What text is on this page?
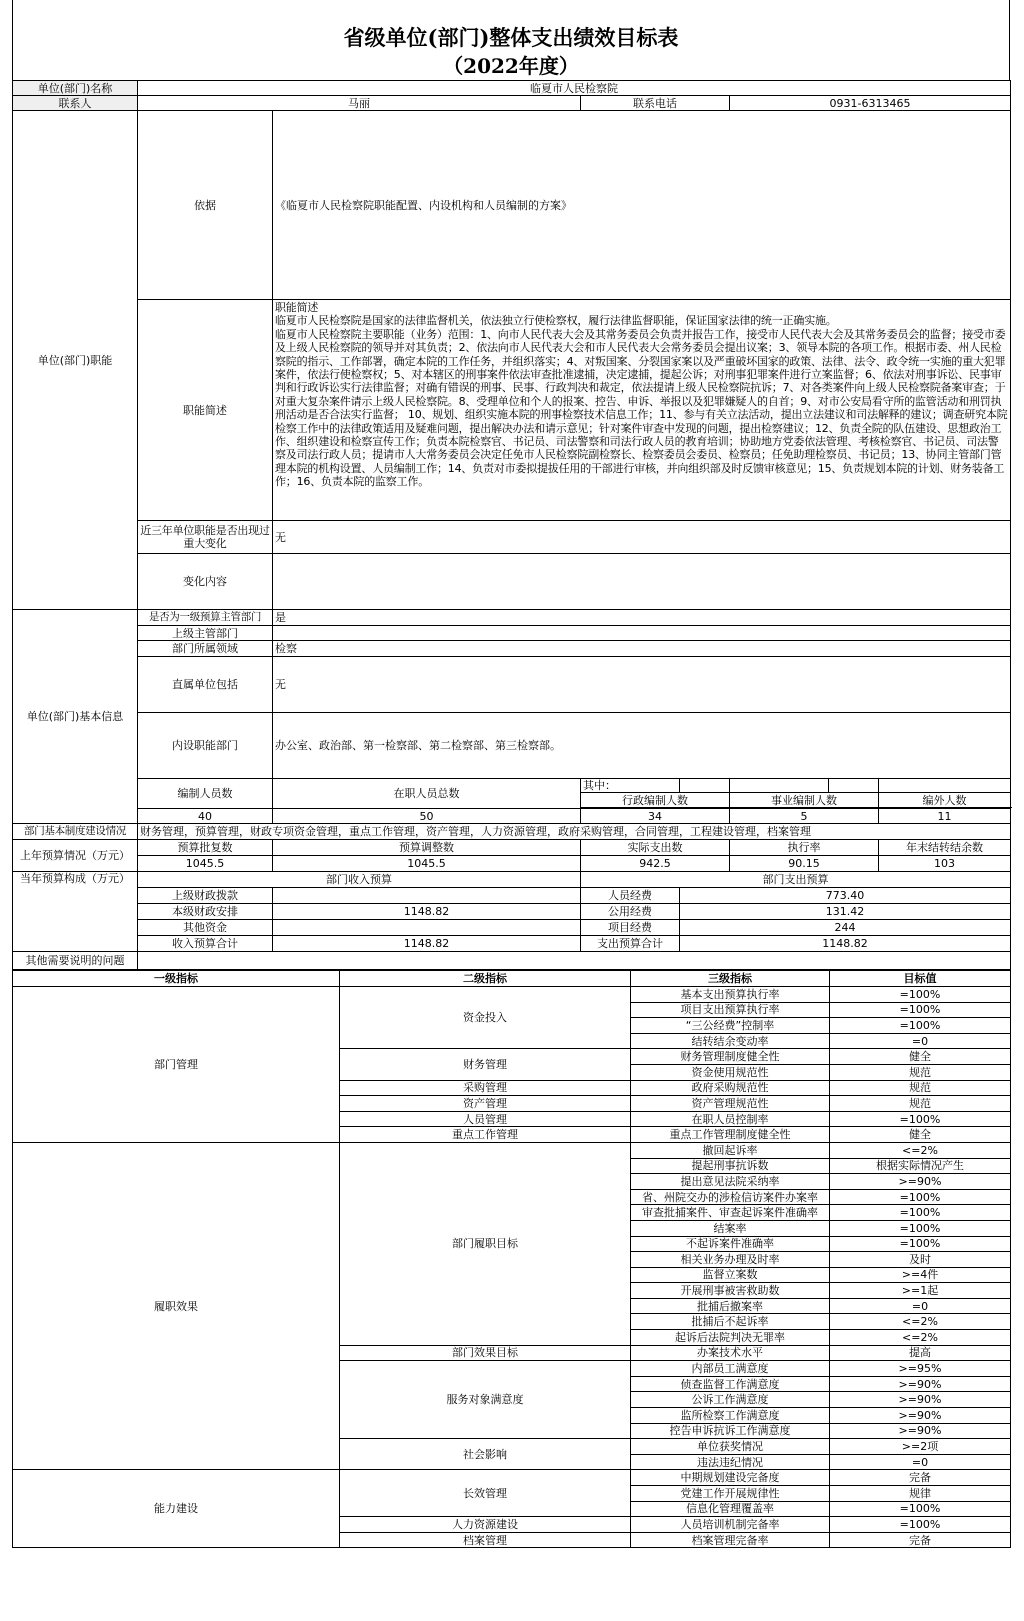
省级单位(部门)整体支出绩效目标表
（2022年度）
单位(部门)名称	临夏市人民检察院						
联系人	马丽		联系电话		0931-6313465		
单位(部门)职能	依据	《临夏市人民检察院职能配置、内设机构和人员编制的方案》					
	职能简述	职能简述
临夏市人民检察院是国家的法律监督机关，依法独立行使检察权，履行法律监督职能，保证国家法律的统一正确实施。
临夏市人民检察院主要职能（业务）范围：1、向市人民代表大会及其常务委员会负责并报告工作，接受市人民代表大会及其常务委员会的监督；接受市委及上级人民检察院的领导并对其负责；2、依法向市人民代表大会和市人民代表大会常务委员会提出议案；3、领导本院的各项工作。根据市委、州人民检察院的指示、工作部署，确定本院的工作任务，并组织落实；4、对叛国案、分裂国家案以及严重破坏国家的政策、法律、法令、政令统一实施的重大犯罪案件，依法行使检察权；5、对本辖区的刑事案件依法审查批准逮捕，决定逮捕，提起公诉；对刑事犯罪案件进行立案监督；6、依法对刑事诉讼、民事审判和行政诉讼实行法律监督；对确有错误的刑事、民事、行政判决和裁定，依法提请上级人民检察院抗诉；7、对各类案件向上级人民检察院备案审查；于对重大复杂案件请示上级人民检察院。8、受理单位和个人的报案、控告、申诉、举报以及犯罪嫌疑人的自首；9、对市公安局看守所的监管活动和刑罚执刑活动是否合法实行监督； 10、规划、组织实施本院的刑事检察技术信息工作；11、参与有关立法活动，提出立法建议和司法解释的建议；调查研究本院检察工作中的法律政策适用及疑难问题，提出解决办法和请示意见；针对案件审查中发现的问题，提出检察建议；12、负责全院的队伍建设、思想政治工作、组织建设和检察宣传工作；负责本院检察官、书记员、司法警察和司法行政人员的教育培训；协助地方党委依法管理、考核检察官、书记员、司法警察及司法行政人员；提请市人大常务委员会决定任免市人民检察院副检察长、检察委员会委员、检察员；任免助理检察员、书记员；13、协同主管部门管理本院的机构设置、人员编制工作；14、负责对市委拟提拔任用的干部进行审核，并向组织部及时反馈审核意见；15、负责规划本院的计划、财务装备工作；16、负责本院的监察工作。					
	近三年单位职能是否出现过重大变化	无					
	变化内容						
单位(部门)基本信息	是否为一级预算主管部门	是					
	上级主管部门						
	部门所属领域	检察					
	直属单位包括	无					
	内设职能部门	办公室、政治部、第一检察部、第二检察部、第三检察部。					
	编制人员数	在职人员总数	其中：				
			行政编制人数		事业编制人数		编外人数

	40	50	34		5		11
部门基本制度建设情况	财务管理，预算管理，财政专项资金管理，重点工作管理，资产管理，人力资源管理，政府采购管理，合同管理，工程建设管理，档案管理						
上年预算情况（万元）	预算批复数	预算调整数	实际支出数		执行率		年末结转结余数
	1045.5	1045.5	942.5		90.15		103
当年预算构成（万元）	部门收入预算		部门支出预算				
	上级财政拨款		人员经费	773.40			
	本级财政安排	1148.82	公用经费	131.42			
	其他资金		项目经费	244			
	收入预算合计	1148.82	支出预算合计	1148.82			
其他需要说明的问题							
一级指标	二级指标	三级指标	目标值
部门管理	资金投入	基本支出预算执行率	=100%
		项目支出预算执行率	=100%
		“三公经费”控制率	=100%
		结转结余变动率	=0
	财务管理	财务管理制度健全性	健全
		资金使用规范性	规范
	采购管理	政府采购规范性	规范
	资产管理	资产管理规范性	规范
	人员管理	在职人员控制率	=100%
	重点工作管理	重点工作管理制度健全性	健全
履职效果	部门履职目标	撤回起诉率	<=2%
		提起刑事抗诉数	根据实际情况产生
		提出意见法院采纳率	>=90%
		省、州院交办的涉检信访案件办案率	=100%
		审查批捕案件、审查起诉案件准确率	=100%
		结案率	=100%
		不起诉案件准确率	=100%
		相关业务办理及时率	及时
		监督立案数	>=4件
		开展刑事被害救助数	>=1起
		批捕后撤案率	=0
		批捕后不起诉率	<=2%
		起诉后法院判决无罪率	<=2%
	部门效果目标	办案技术水平	提高
	服务对象满意度	内部员工满意度	>=95%
		侦查监督工作满意度	>=90%
		公诉工作满意度	>=90%
		监所检察工作满意度	>=90%
		控告申诉抗诉工作满意度	>=90%
	社会影响	单位获奖情况	>=2项
		违法违纪情况	=0
能力建设	长效管理	中期规划建设完备度	完备
		党建工作开展规律性	规律
		信息化管理覆盖率	=100%
	人力资源建设	人员培训机制完备率	=100%
	档案管理	档案管理完备率	完备
